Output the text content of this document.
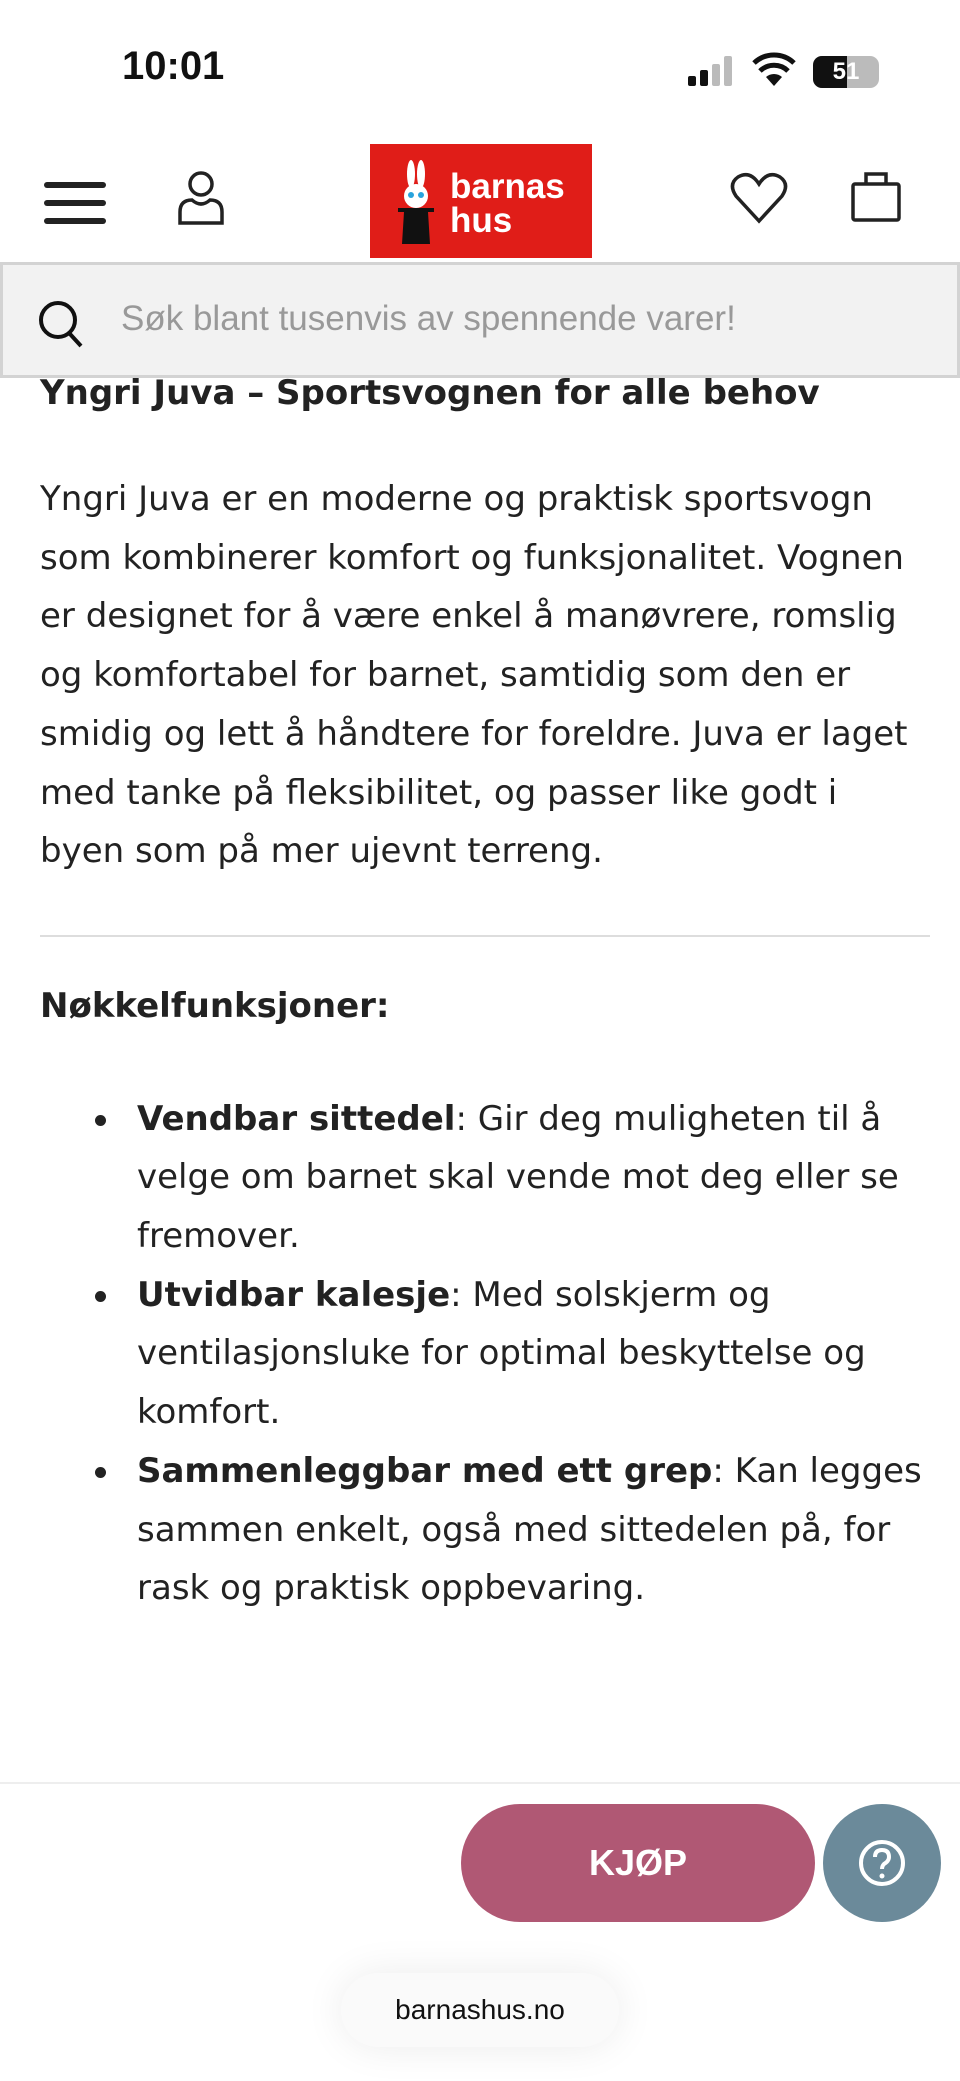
10:01	51
barnas
hus
Søk blant tusenvis av spennende varer!
Yngri Juva – Sportsvognen for alle behov

Yngri Juva er en moderne og praktisk sportsvogn som kombinerer komfort og funksjonalitet. Vognen er designet for å være enkel å manøvrere, romslig og komfortabel for barnet, samtidig som den er smidig og lett å håndtere for foreldre. Juva er laget med tanke på fleksibilitet, og passer like godt i byen som på mer ujevnt terreng.

Nøkkelfunksjoner:
Vendbar sittedel: Gir deg muligheten til å velge om barnet skal vende mot deg eller se fremover.
Utvidbar kalesje: Med solskjerm og ventilasjonsluke for optimal beskyttelse og komfort.
Sammenleggbar med ett grep: Kan legges sammen enkelt, også med sittedelen på, for rask og praktisk oppbevaring.
KJØP
barnashus.no
